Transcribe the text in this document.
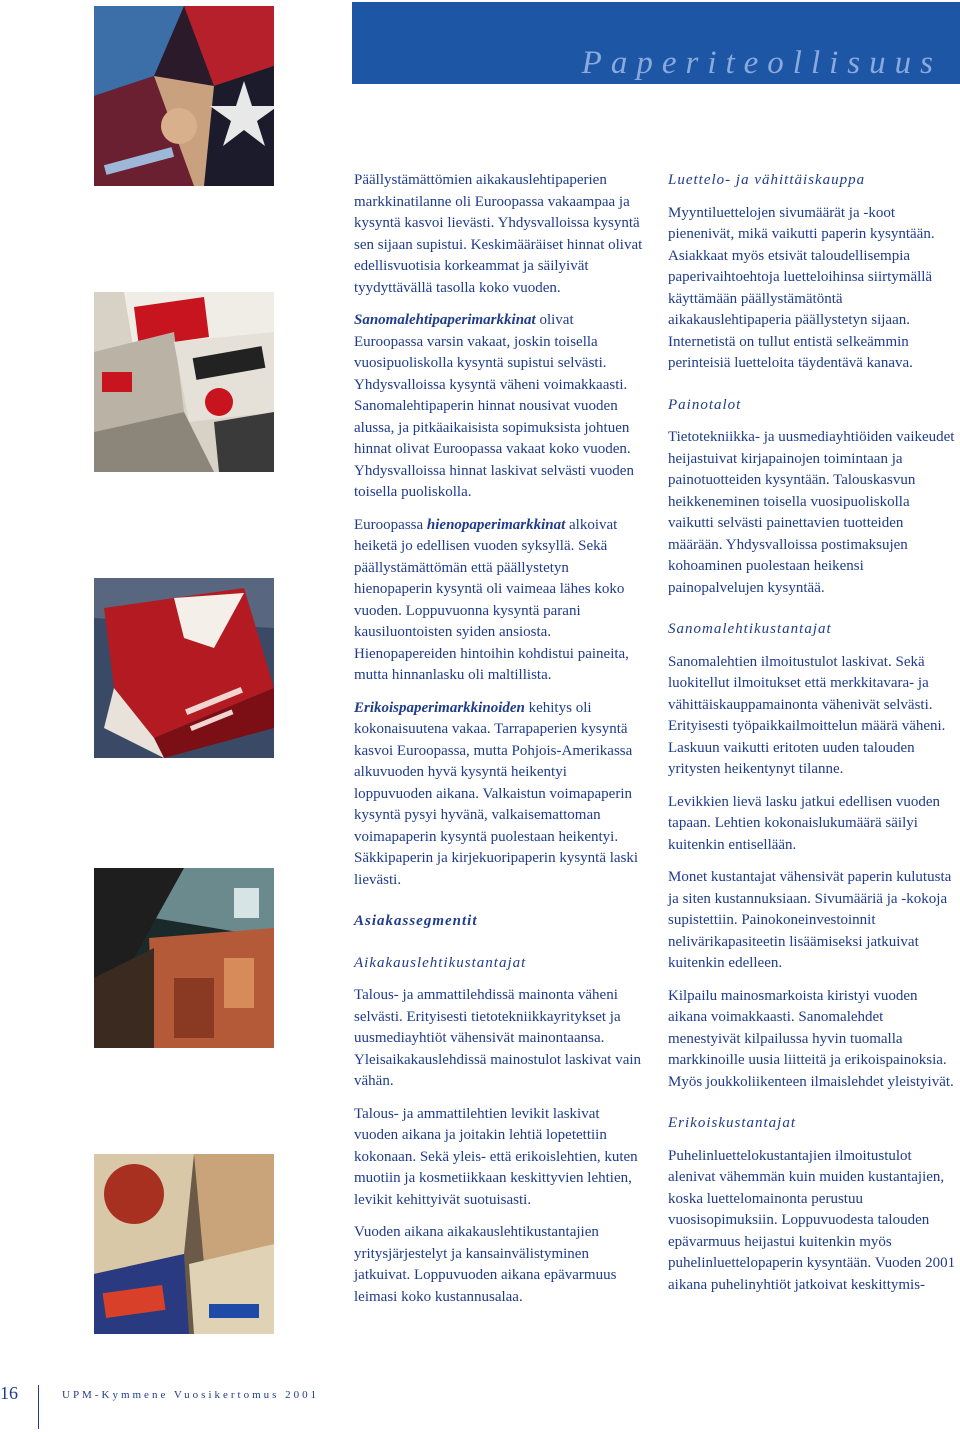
Paperiteollisuus

Päällystämättömien aikakauslehtipaperien markkinatilanne oli Euroopassa vakaampaa ja kysyntä kasvoi lievästi. Yhdysvalloissa kysyntä sen sijaan supistui. Keskimääräiset hinnat olivat edellisvuotisia korkeammat ja säilyivät tyydyttävällä tasolla koko vuoden.

Sanomalehtipaperimarkkinat olivat Euroopassa varsin vakaat, joskin toisella vuosipuoliskolla kysyntä supistui selvästi. Yhdysvalloissa kysyntä väheni voimakkaasti. Sanomalehtipaperin hinnat nousivat vuoden alussa, ja pitkäaikaisista sopimuksista johtuen hinnat olivat Euroopassa vakaat koko vuoden. Yhdysvalloissa hinnat laskivat selvästi vuoden toisella puoliskolla.

Euroopassa hienopaperimarkkinat alkoivat heiketä jo edellisen vuoden syksyllä. Sekä päällystämättömän että päällystetyn hienopaperin kysyntä oli vaimeaa lähes koko vuoden. Loppuvuonna kysyntä parani kausiluontoisten syiden ansiosta. Hienopapereiden hintoihin kohdistui paineita, mutta hinnanlasku oli maltillista.

Erikoispaperimarkkinoiden kehitys oli kokonaisuutena vakaa. Tarrapaperien kysyntä kasvoi Euroopassa, mutta Pohjois-Amerikassa alkuvuoden hyvä kysyntä heikentyi loppuvuoden aikana. Valkaistun voimapaperin kysyntä pysyi hyvänä, valkaisemattoman voimapaperin kysyntä puolestaan heikentyi. Säkkipaperin ja kirjekuoripaperin kysyntä laski lievästi.

Asiakassegmentit

Aikakauslehtikustantajat

Talous- ja ammattilehdissä mainonta väheni selvästi. Erityisesti tietotekniikkayritykset ja uusmediayhtiöt vähensivät mainontaansa. Yleisaikakauslehdissä mainostulot laskivat vain vähän.

Talous- ja ammattilehtien levikit laskivat vuoden aikana ja joitakin lehtiä lopetettiin kokonaan. Sekä yleis- että erikoislehtien, kuten muotiin ja kosmetiikkaan keskittyvien lehtien, levikit kehittyivät suotuisasti.

Vuoden aikana aikakauslehtikustantajien yritysjärjestelyt ja kansainvälistyminen jatkuivat. Loppuvuoden aikana epävarmuus leimasi koko kustannusalaa.

Luettelo- ja vähittäiskauppa

Myyntiluettelojen sivumäärät ja -koot pienenivät, mikä vaikutti paperin kysyntään. Asiakkaat myös etsivät taloudellisempia paperivaihtoehtoja luetteloihinsa siirtymällä käyttämään päällystämätöntä aikakauslehtipaperia päällystetyn sijaan. Internetistä on tullut entistä selkeämmin perinteisiä luetteloita täydentävä kanava.

Painotalot

Tietotekniikka- ja uusmediayhtiöiden vaikeudet heijastuivat kirjapainojen toimintaan ja painotuotteiden kysyntään. Talouskasvun heikkeneminen toisella vuosipuoliskolla vaikutti selvästi painettavien tuotteiden määrään. Yhdysvalloissa postimaksujen kohoaminen puolestaan heikensi painopalvelujen kysyntää.

Sanomalehtikustantajat

Sanomalehtien ilmoitustulot laskivat. Sekä luokitellut ilmoitukset että merkkitavara- ja vähittäiskauppamainonta vähenivät selvästi. Erityisesti työpaikkailmoittelun määrä väheni. Laskuun vaikutti eritoten uuden talouden yritysten heikentynyt tilanne.

Levikkien lievä lasku jatkui edellisen vuoden tapaan. Lehtien kokonaislukumäärä säilyi kuitenkin entisellään.

Monet kustantajat vähensivät paperin kulutusta ja siten kustannuksiaan. Sivumääriä ja -kokoja supistettiin. Painokoneinvestoinnit nelivärikapasiteetin lisäämiseksi jatkuivat kuitenkin edelleen.

Kilpailu mainosmarkoista kiristyi vuoden aikana voimakkaasti. Sanomalehdet menestyivät kilpailussa hyvin tuomalla markkinoille uusia liitteitä ja erikoispainoksia. Myös joukkoliikenteen ilmaislehdet yleistyivät.

Erikoiskustantajat

Puhelinluettelokustantajien ilmoitustulot alenivat vähemmän kuin muiden kustantajien, koska luettelomainonta perustuu vuosisopimuksiin. Loppuvuodesta talouden epävarmuus heijastui kuitenkin myös puhelinluettelopaperin kysyntään. Vuoden 2001 aikana puhelinyhtiöt jatkoivat keskittymis-

16	UPM-Kymmene Vuosikertomus 2001
